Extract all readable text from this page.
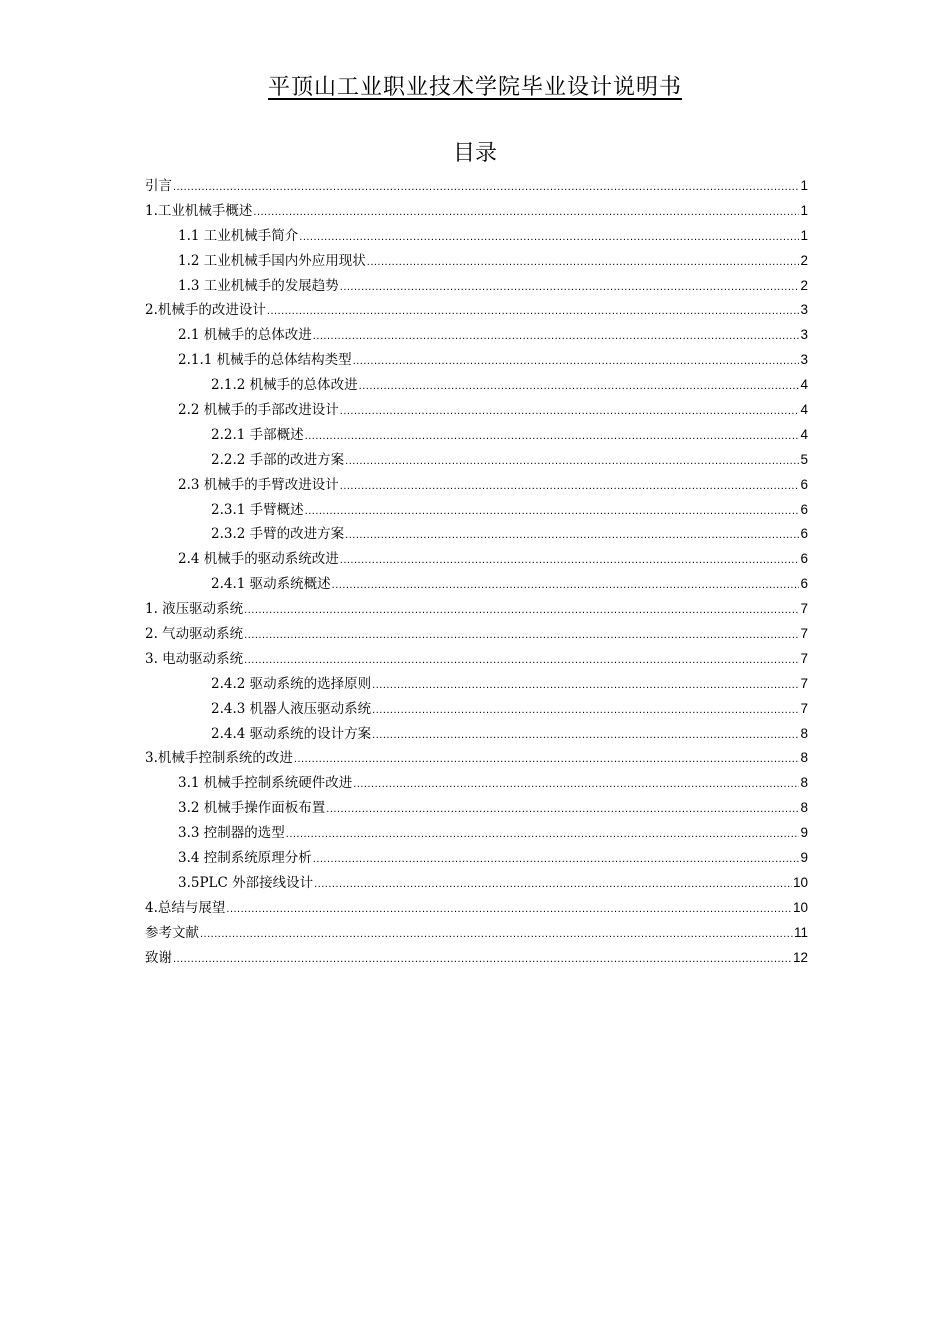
平顶山工业职业技术学院毕业设计说明书
目录
引言 .....	1
1.工业机械手概述 .....	1
1.1 工业机械手简介 .....	1
1.2 工业机械手国内外应用现状 .....	2
1.3 工业机械手的发展趋势 .....	2
2.机械手的改进设计 .....	3
2.1 机械手的总体改进 .....	3
2.1.1 机械手的总体结构类型 .....	3
2.1.2 机械手的总体改进 .....	4
2.2 机械手的手部改进设计 .....	4
2.2.1 手部概述 .....	4
2.2.2 手部的改进方案 .....	5
2.3 机械手的手臂改进设计 .....	6
2.3.1 手臂概述 .....	6
2.3.2 手臂的改进方案 .....	6
2.4 机械手的驱动系统改进 .....	6
2.4.1 驱动系统概述 .....	6
1. 液压驱动系统 .....	7
2. 气动驱动系统 .....	7
3. 电动驱动系统 .....	7
2.4.2 驱动系统的选择原则 .....	7
2.4.3 机器人液压驱动系统 .....	7
2.4.4 驱动系统的设计方案 .....	8
3.机械手控制系统的改进 .....	8
3.1 机械手控制系统硬件改进 .....	8
3.2 机械手操作面板布置 .....	8
3.3 控制器的选型 .....	9
3.4 控制系统原理分析 .....	9
3.5PLC 外部接线设计 .....	10
4.总结与展望 .....	10
参考文献 .....	11
致谢 .....	12
